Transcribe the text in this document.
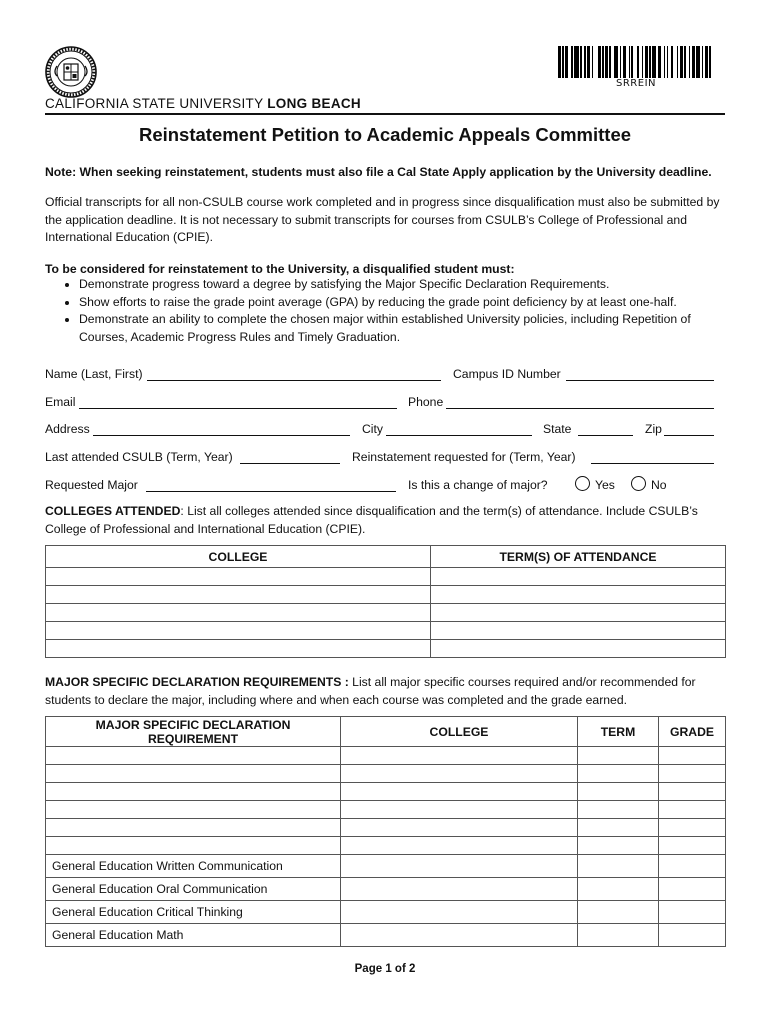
SRREIN
CALIFORNIA STATE UNIVERSITY LONG BEACH
Reinstatement Petition to Academic Appeals Committee
Note: When seeking reinstatement, students must also file a Cal State Apply application by the University deadline.
Official transcripts for all non-CSULB course work completed and in progress since disqualification must also be submitted by the application deadline. It is not necessary to submit transcripts for courses from CSULB’s College of Professional and International Education (CPIE).
To be considered for reinstatement to the University, a disqualified student must:
• Demonstrate progress toward a degree by satisfying the Major Specific Declaration Requirements.
• Show efforts to raise the grade point average (GPA) by reducing the grade point deficiency by at least one-half.
• Demonstrate an ability to complete the chosen major within established University policies, including Repetition of Courses, Academic Progress Rules and Timely Graduation.
Name (Last, First)	Campus ID Number
Email	Phone
Address	City	State	Zip
Last attended CSULB (Term, Year)	Reinstatement requested for (Term, Year)
Requested Major	Is this a change of major?	Yes	No
COLLEGES ATTENDED: List all colleges attended since disqualification and the term(s) of attendance. Include CSULB’s College of Professional and International Education (CPIE).
COLLEGE	TERM(S) OF ATTENDANCE

MAJOR SPECIFIC DECLARATION REQUIREMENTS : List all major specific courses required and/or recommended for students to declare the major, including where and when each course was completed and the grade earned.
MAJOR SPECIFIC DECLARATION REQUIREMENT	COLLEGE	TERM	GRADE

General Education Written Communication			
General Education Oral Communication			
General Education Critical Thinking			
General Education Math			
Page 1 of 2
